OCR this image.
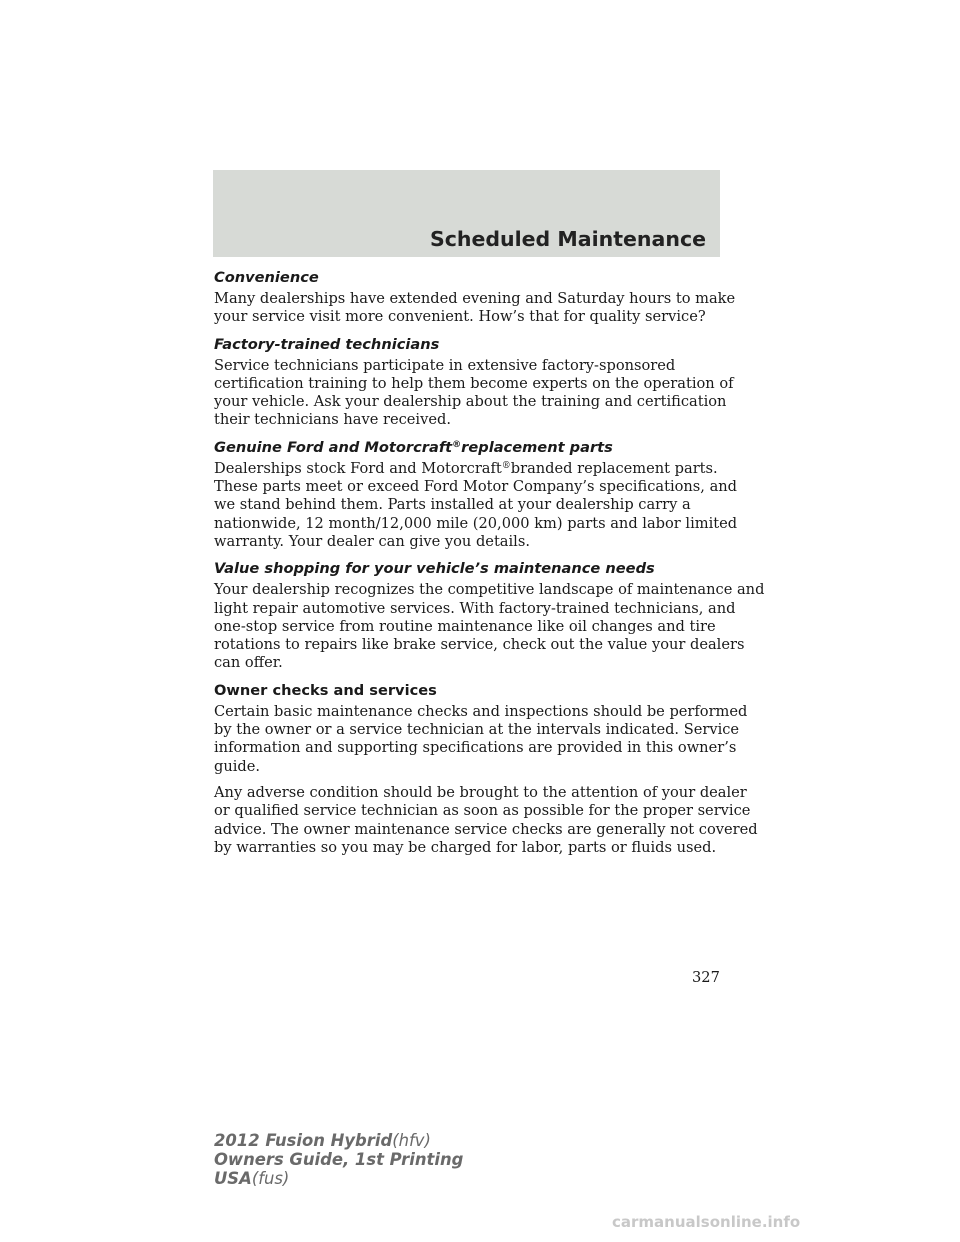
Scheduled Maintenance
Convenience
Many dealerships have extended evening and Saturday hours to make
your service visit more convenient. How’s that for quality service?
Factory-trained technicians
Service technicians participate in extensive factory-sponsored
certification training to help them become experts on the operation of
your vehicle. Ask your dealership about the training and certification
their technicians have received.
Genuine Ford and Motorcraft®replacement parts
Dealerships stock Ford and Motorcraft®branded replacement parts.
These parts meet or exceed Ford Motor Company’s specifications, and
we stand behind them. Parts installed at your dealership carry a
nationwide, 12 month/12,000 mile (20,000 km) parts and labor limited
warranty. Your dealer can give you details.
Value shopping for your vehicle’s maintenance needs
Your dealership recognizes the competitive landscape of maintenance and
light repair automotive services. With factory-trained technicians, and
one-stop service from routine maintenance like oil changes and tire
rotations to repairs like brake service, check out the value your dealers
can offer.
Owner checks and services
Certain basic maintenance checks and inspections should be performed
by the owner or a service technician at the intervals indicated. Service
information and supporting specifications are provided in this owner’s
guide.
Any adverse condition should be brought to the attention of your dealer
or qualified service technician as soon as possible for the proper service
advice. The owner maintenance service checks are generally not covered
by warranties so you may be charged for labor, parts or fluids used.
327
2012 Fusion Hybrid(hfv)
Owners Guide, 1st Printing
USA(fus)
carmanualsonline.info
